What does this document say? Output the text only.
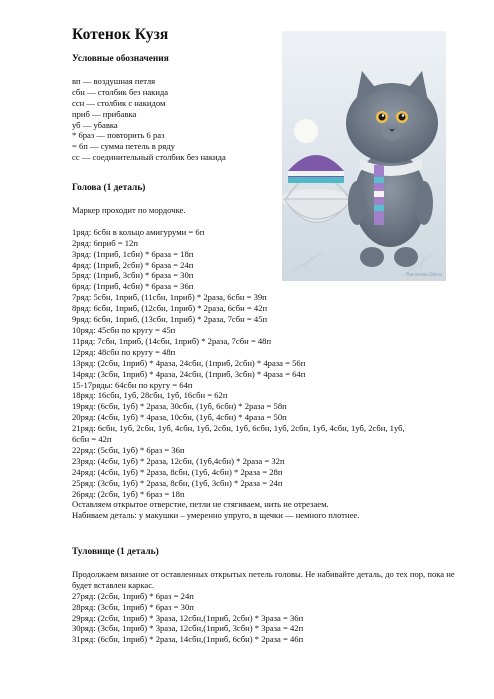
Котенок Кузя
Ваганова Elena
Условные обозначения
вп — воздушная петля
сбн — столбик без накида
ссн — столбик с накидом
приб — прибавка
уб — убавка
* 6раз — повторить 6 раз
= 6п — сумма петель в ряду
сс — соединительный столбик без накида
Голова (1 деталь)
Маркер проходит по мордочке.
1ряд: 6сбн в кольцо амигуруми = 6п
2ряд: 6приб = 12п
3ряд: (1приб, 1сбн) * 6раза = 18п
4ряд: (1приб, 2сбн) * 6раза = 24п
5ряд: (1приб, 3сбн) * 6раза = 30п
6ряд: (1приб, 4сбн) * 6раза = 36п
7ряд: 5сбн, 1приб, (11сбн, 1приб) * 2раза, 6сбн = 39п
8ряд: 6сбн, 1приб, (12сбн, 1приб) * 2раза, 6сбн = 42п
9ряд: 6сбн, 1приб, (13сбн, 1приб) * 2раза, 7сбн = 45п
10ряд: 45сбн по кругу = 45п
11ряд: 7сбн, 1приб, (14сбн, 1приб) * 2раза, 7сбн = 48п
12ряд: 48сбн по кругу = 48п
13ряд: (2сбн, 1приб) * 4раза, 24сбн, (1приб, 2сбн) * 4раза = 56п
14ряд: (3сбн, 1приб) * 4раза, 24сбн, (1приб, 3сбн) * 4раза = 64п
15-17ряды: 64сбн по кругу = 64п
18ряд: 16сбн, 1уб, 28сбн, 1уб, 16сбн = 62п
19ряд: (6сбн, 1уб) * 2раза, 30сбн, (1уб, 6сбн) * 2раза = 58п
20ряд: (4сбн, 1уб) * 4раза, 10сбн, (1уб, 4сбн) * 4раза = 50п
21ряд: 6сбн, 1уб, 2сбн, 1уб, 4сбн, 1уб, 2сбн, 1уб, 6сбн, 1уб, 2сбн, 1уб, 4сбн, 1уб, 2сбн, 1уб,
6сбн = 42п
22ряд: (5сбн, 1уб) * 6раз = 36п
23ряд: (4сбн, 1уб) * 2раза, 12сбн, (1уб,4сбн) * 2раза = 32п
24ряд: (4сбн, 1уб) * 2раза, 8сбн, (1уб, 4сбн) * 2раза = 28п
25ряд: (3сбн, 1уб) * 2раза, 8сбн, (1уб, 3сбн) * 2раза = 24п
26ряд: (2сбн, 1уб) * 6раз = 18п
Оставляем открытое отверстие, петли не стягиваем, нить не отрезаем.
Набиваем деталь: у макушки – умеренно упруго, в щечки — немного плотнее.
Туловище (1 деталь)
Продолжаем вязание от оставленных открытых петель головы. Не набивайте деталь, до тех пор, пока не будет вставлен каркас.
27ряд: (2сбн, 1приб) * 6раз = 24п
28ряд: (3сбн, 1приб) * 6раз = 30п
29ряд: (2сбн, 1приб) * 3раза, 12сбн,(1приб, 2сбн) * 3раза = 36п
30ряд: (3сбн, 1приб) * 3раза, 12сбн,(1приб, 3сбн) * 3раза = 42п
31ряд: (6сбн, 1приб) * 2раза, 14сбн,(1приб, 6сбн) * 2раза = 46п
